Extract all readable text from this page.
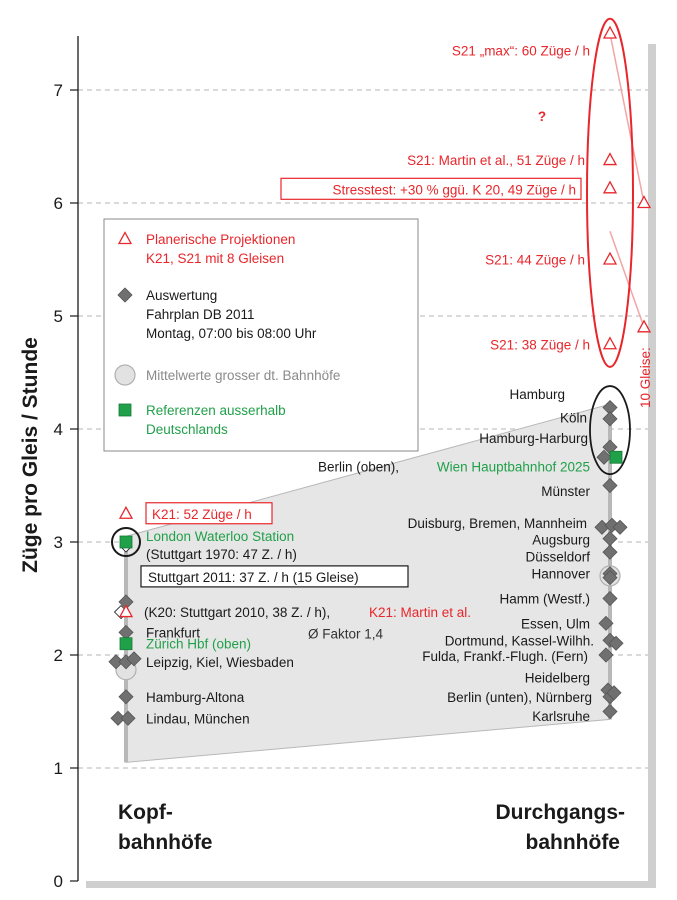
0
1
2
3
4
5
6
7
Züge pro Gleis / Stunde
S21 „max“: 60 Züge / h
S21: Martin et al., 51 Züge / h
Stresstest: +30 % ggü. K 20, 49 Züge / h
S21: 44 Züge / h
S21: 38 Züge / h
?
10 Gleise:
K21: 52 Züge / h
London Waterloo Station
(Stuttgart 1970: 47 Z. / h)
Stuttgart 2011: 37 Z. / h (15 Gleise)
(K20: Stuttgart 2010, 38 Z. / h),	K21: Martin et al.
Frankfurt
Zürich Hbf (oben)
Leipzig, Kiel, Wiesbaden
Hamburg-Altona
Lindau, München
Ø Faktor 1,4
Hamburg
Köln
Hamburg-Harburg
Berlin (oben),
Münster
Duisburg, Bremen, Mannheim
Augsburg
Düsseldorf
Hannover
Hamm (Westf.)
Essen, Ulm
Dortmund, Kassel-Wilhh.
Fulda, Frankf.-Flugh. (Fern)
Heidelberg
Berlin (unten), Nürnberg
Karlsruhe
Wien Hauptbahnhof 2025
Kopf-
bahnhöfe
Durchgangs-
bahnhöfe
Planerische Projektionen
K21, S21 mit 8 Gleisen
Auswertung
Fahrplan DB 2011
Montag, 07:00 bis 08:00 Uhr
Mittelwerte grosser dt. Bahnhöfe
Referenzen ausserhalb
Deutschlands
